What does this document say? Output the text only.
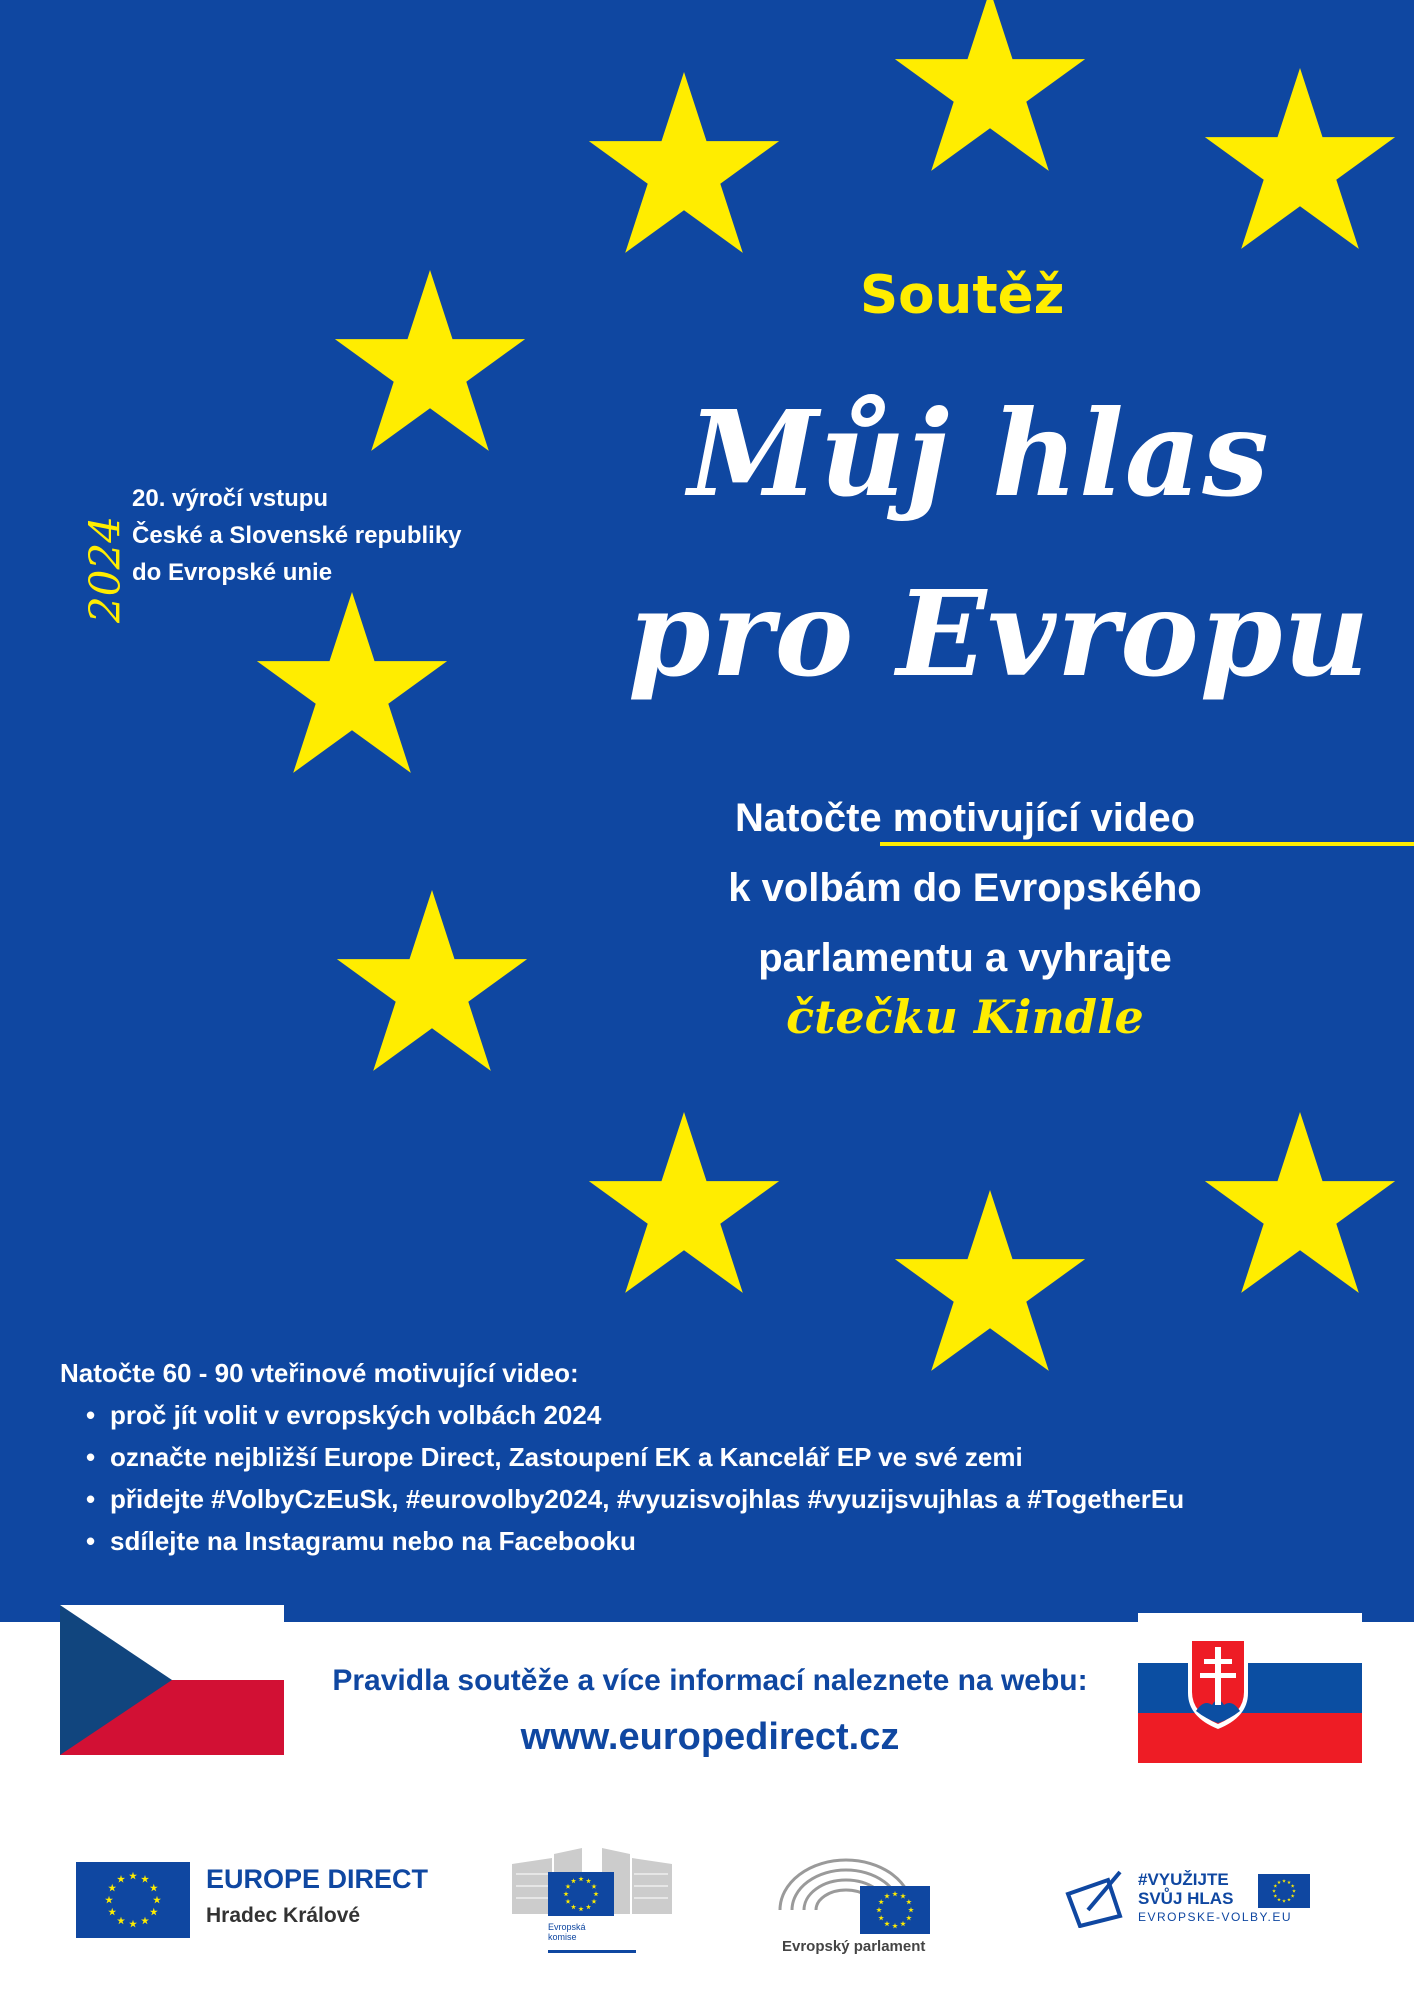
Soutěž
Můj hlas
pro Evropu
2024
20. výročí vstupu
České a Slovenské republiky
do Evropské unie
Natočte motivující video
k volbám do Evropského
parlamentu a vyhrajte
čtečku Kindle
Natočte 60 - 90 vteřinové motivující video:
• proč jít volit v evropských volbách 2024
• označte nejbližší Europe Direct, Zastoupení EK a Kancelář EP ve své zemi
• přidejte #VolbyCzEuSk, #eurovolby2024, #vyuzisvojhlas #vyuzijsvujhlas a #TogetherEu
• sdílejte na Instagramu nebo na Facebooku
Pravidla soutěže a více informací naleznete na webu:
www.europedirect.cz
EUROPE DIRECT
Hradec Králové	Evropská
komise
Evropský parlament
#VYUŽIJTE
SVŮJ HLAS
EVROPSKE-VOLBY.EU
